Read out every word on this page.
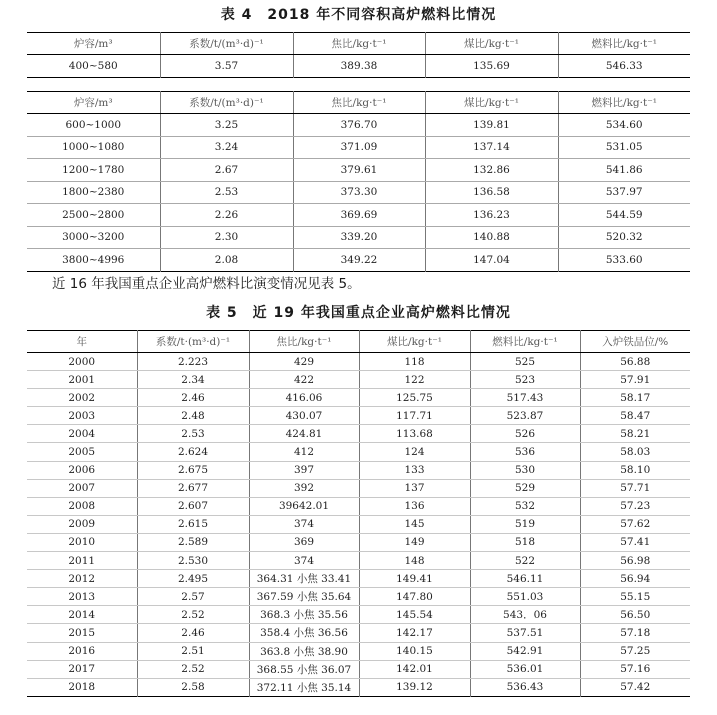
表 4　2018 年不同容积高炉燃料比情况
炉容/m³	系数/t/(m³·d)⁻¹	焦比/kg·t⁻¹	煤比/kg·t⁻¹	燃料比/kg·t⁻¹
400~580	3.57	389.38	135.69	546.33
炉容/m³	系数/t/(m³·d)⁻¹	焦比/kg·t⁻¹	煤比/kg·t⁻¹	燃料比/kg·t⁻¹
600~1000	3.25	376.70	139.81	534.60
1000~1080	3.24	371.09	137.14	531.05
1200~1780	2.67	379.61	132.86	541.86
1800~2380	2.53	373.30	136.58	537.97
2500~2800	2.26	369.69	136.23	544.59
3000~3200	2.30	339.20	140.88	520.32
3800~4996	2.08	349.22	147.04	533.60
近 16 年我国重点企业高炉燃料比演变情况见表 5。
表 5　近 19 年我国重点企业高炉燃料比情况
年	系数/t·(m³·d)⁻¹	焦比/kg·t⁻¹	煤比/kg·t⁻¹	燃料比/kg·t⁻¹	入炉铁品位/%
2000	2.223	429	118	525	56.88
2001	2.34	422	122	523	57.91
2002	2.46	416.06	125.75	517.43	58.17
2003	2.48	430.07	117.71	523.87	58.47
2004	2.53	424.81	113.68	526	58.21
2005	2.624	412	124	536	58.03
2006	2.675	397	133	530	58.10
2007	2.677	392	137	529	57.71
2008	2.607	39642.01	136	532	57.23
2009	2.615	374	145	519	57.62
2010	2.589	369	149	518	57.41
2011	2.530	374	148	522	56.98
2012	2.495	364.31 小焦 33.41	149.41	546.11	56.94
2013	2.57	367.59 小焦 35.64	147.80	551.03	55.15
2014	2.52	368.3 小焦 35.56	145.54	543．06	56.50
2015	2.46	358.4 小焦 36.56	142.17	537.51	57.18
2016	2.51	363.8 小焦 38.90	140.15	542.91	57.25
2017	2.52	368.55 小焦 36.07	142.01	536.01	57.16
2018	2.58	372.11 小焦 35.14	139.12	536.43	57.42
